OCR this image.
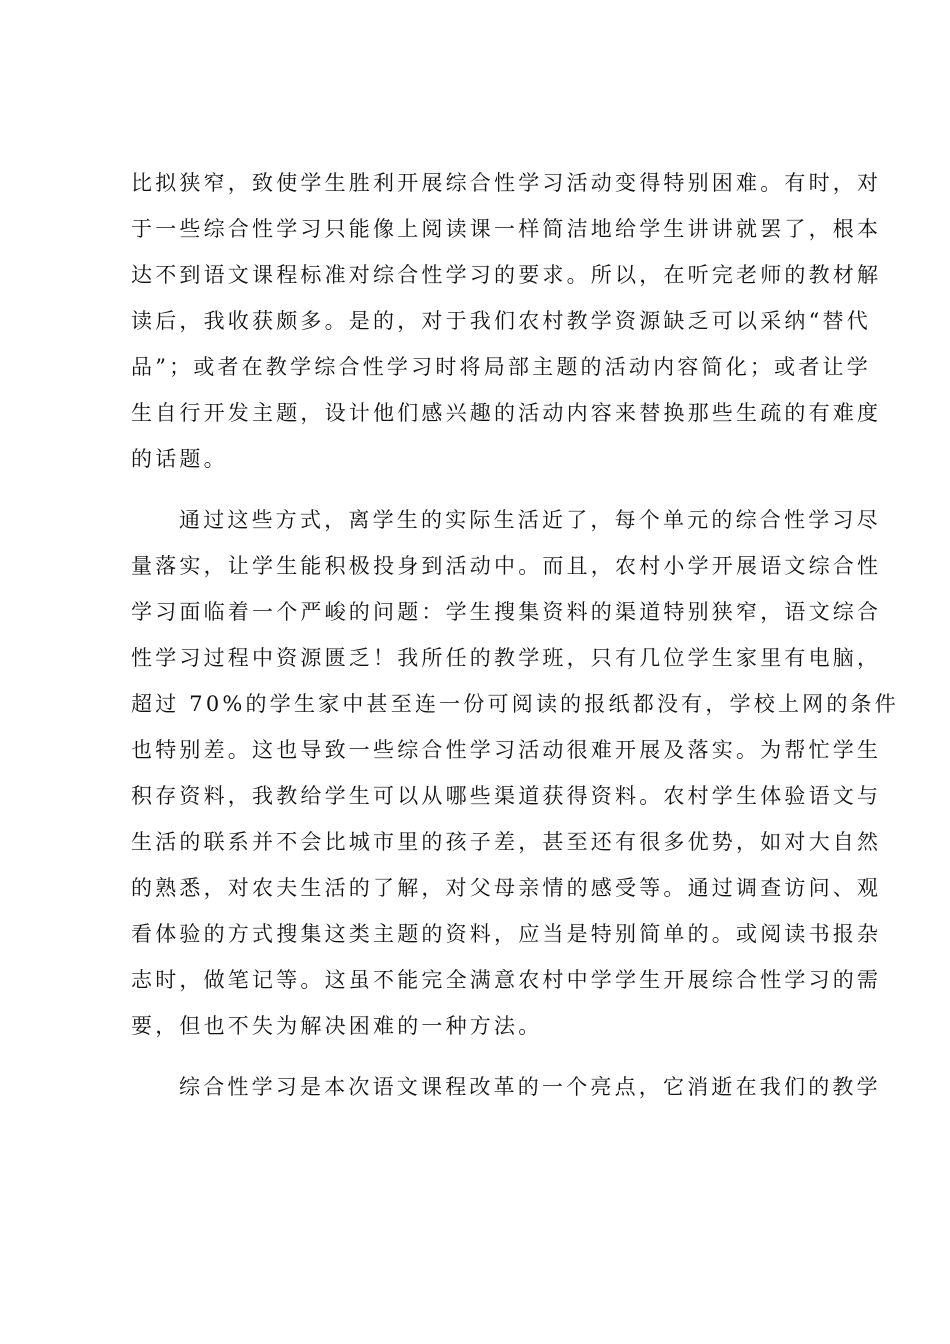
比拟狭窄，致使学生胜利开展综合性学习活动变得特别困难。有时，对

于一些综合性学习只能像上阅读课一样简洁地给学生讲讲就罢了，根本

达不到语文课程标准对综合性学习的要求。所以，在听完老师的教材解

读后，我收获颇多。是的，对于我们农村教学资源缺乏可以采纳“替代

品”；或者在教学综合性学习时将局部主题的活动内容简化；或者让学

生自行开发主题，设计他们感兴趣的活动内容来替换那些生疏的有难度

的话题。

通过这些方式，离学生的实际生活近了，每个单元的综合性学习尽

量落实，让学生能积极投身到活动中。而且，农村小学开展语文综合性

学习面临着一个严峻的问题：学生搜集资料的渠道特别狭窄，语文综合

性学习过程中资源匮乏！我所任的教学班，只有几位学生家里有电脑，

超过 70%的学生家中甚至连一份可阅读的报纸都没有，学校上网的条件

也特别差。这也导致一些综合性学习活动很难开展及落实。为帮忙学生

积存资料，我教给学生可以从哪些渠道获得资料。农村学生体验语文与

生活的联系并不会比城市里的孩子差，甚至还有很多优势，如对大自然

的熟悉，对农夫生活的了解，对父母亲情的感受等。通过调查访问、观

看体验的方式搜集这类主题的资料，应当是特别简单的。或阅读书报杂

志时，做笔记等。这虽不能完全满意农村中学学生开展综合性学习的需

要，但也不失为解决困难的一种方法。

综合性学习是本次语文课程改革的一个亮点，它消逝在我们的教学
